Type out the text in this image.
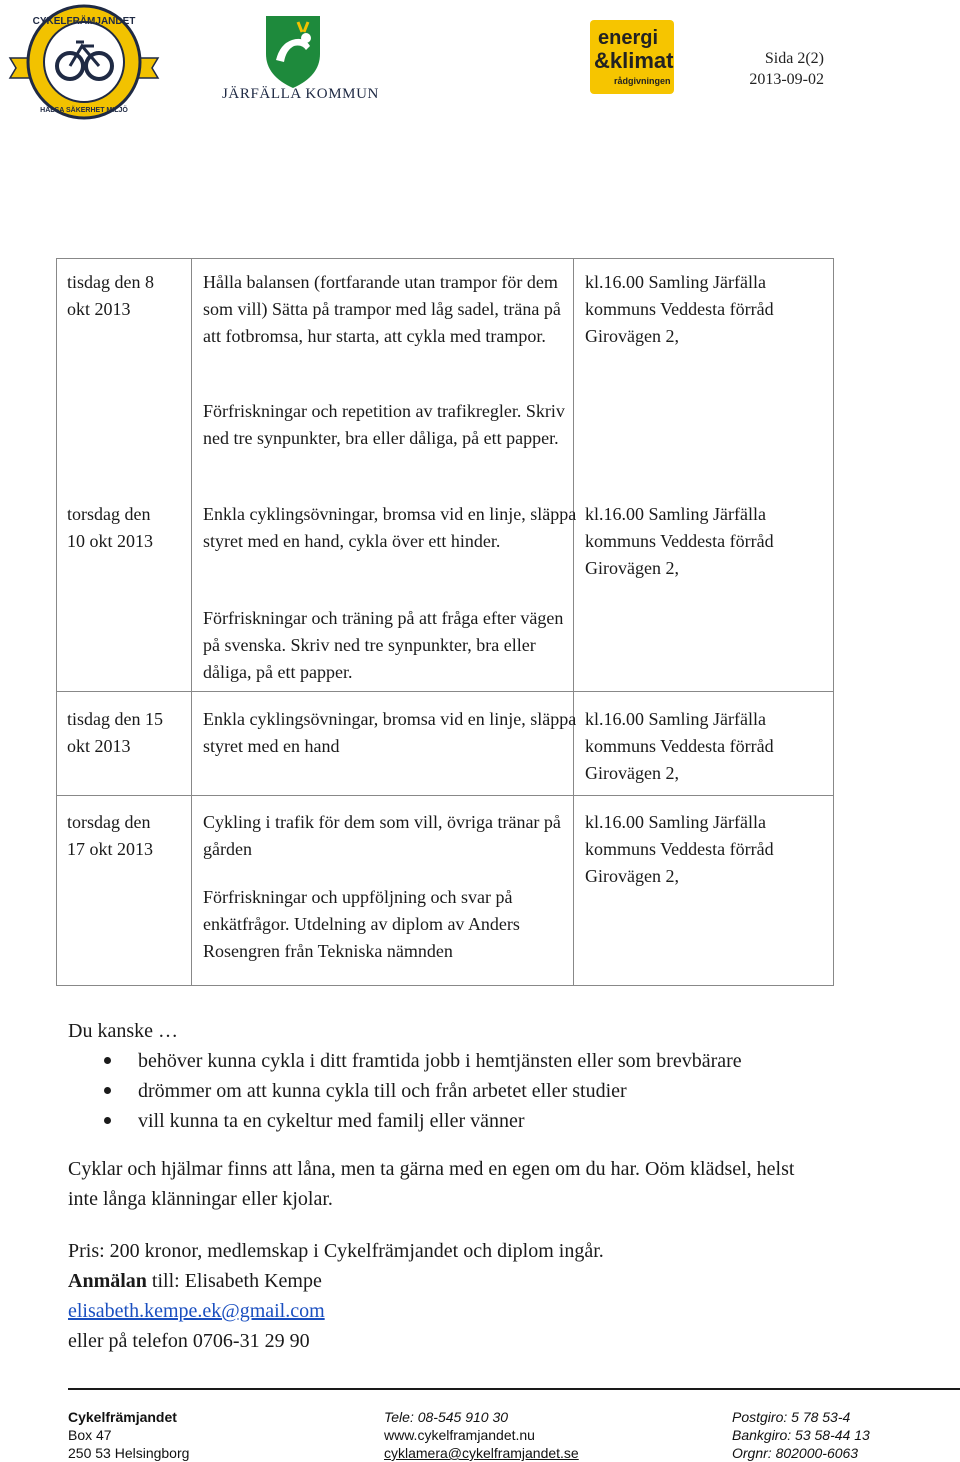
CYKELFRÄMJANDET
HÄLSA SÄKERHET MILJÖ
JÄRFÄLLA KOMMUN
energi
&klimat
rådgivningen
Sida 2(2)
2013-09-02

tisdag den 8

okt 2013

Hålla balansen (fortfarande utan trampor för dem som vill) Sätta på trampor med låg sadel, träna på att fotbromsa, hur starta, att cykla med trampor.

Förfriskningar och repetition av trafikregler. Skriv ned tre synpunkter, bra eller dåliga, på ett papper.

kl.16.00 Samling Järfälla kommuns Veddesta förråd Girovägen 2,

torsdag den

10 okt 2013

Enkla cyklingsövningar, bromsa vid en linje, släppa styret med en hand, cykla över ett hinder.

Förfriskningar och träning på att fråga efter vägen på svenska. Skriv ned tre synpunkter, bra eller dåliga, på ett papper.

kl.16.00 Samling Järfälla kommuns Veddesta förråd Girovägen 2,

tisdag den 15

okt 2013

Enkla cyklingsövningar, bromsa vid en linje, släppa styret med en hand

kl.16.00 Samling Järfälla kommuns Veddesta förråd Girovägen 2,

torsdag den

17 okt 2013

Cykling i trafik för dem som vill, övriga tränar på gården

Förfriskningar och uppföljning och svar på enkätfrågor. Utdelning av diplom av Anders Rosengren från Tekniska nämnden

kl.16.00 Samling Järfälla kommuns Veddesta förråd Girovägen 2,

Du kanske …
behöver kunna cykla i ditt framtida jobb i hemtjänsten eller som brevbärare
drömmer om att kunna cykla till och från arbetet eller studier
vill kunna ta en cykeltur med familj eller vänner
Cyklar och hjälmar finns att låna, men ta gärna med en egen om du har. Oöm klädsel, helst inte långa klänningar eller kjolar.
Pris: 200 kronor, medlemskap i Cykelfrämjandet och diplom ingår.
Anmälan till: Elisabeth Kempe
elisabeth.kempe.ek@gmail.com
eller på telefon 0706-31 29 90
Cykelfrämjandet
Box 47
250 53 Helsingborg
Tele: 08-545 910 30
www.cykelframjandet.nu
cyklamera@cykelframjandet.se
Postgiro: 5 78 53-4
Bankgiro: 53 58-44 13
Orgnr: 802000-6063
